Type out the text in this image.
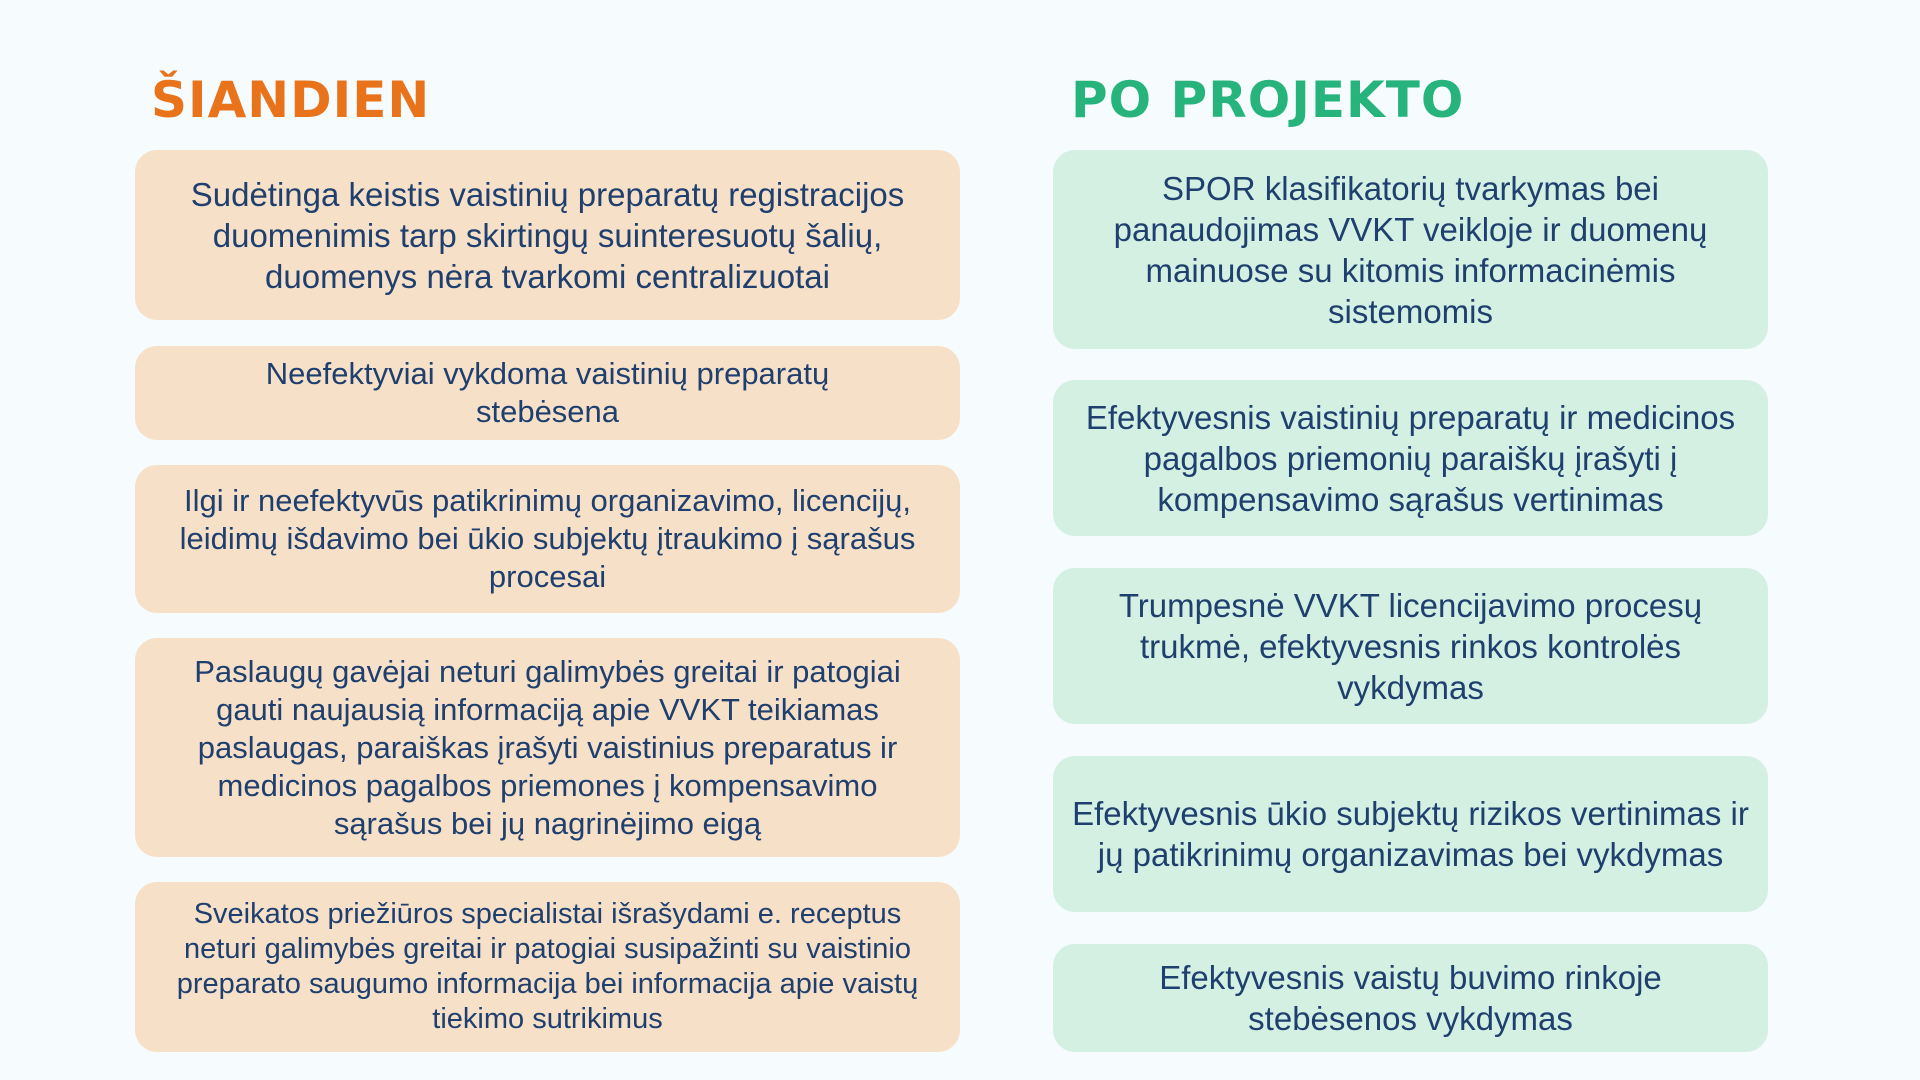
ŠIANDIEN	PO PROJEKTO
Sudėtinga keistis vaistinių preparatų registracijos duomenimis tarp skirtingų suinteresuotų šalių, duomenys nėra tvarkomi centralizuotai
Neefektyviai vykdoma vaistinių preparatų stebėsena
Ilgi ir neefektyvūs patikrinimų organizavimo, licencijų, leidimų išdavimo bei ūkio subjektų įtraukimo į sąrašus procesai
Paslaugų gavėjai neturi galimybės greitai ir patogiai gauti naujausią informaciją apie VVKT teikiamas paslaugas, paraiškas įrašyti vaistinius preparatus ir medicinos pagalbos priemones į kompensavimo sąrašus bei jų nagrinėjimo eigą
Sveikatos priežiūros specialistai išrašydami e. receptus neturi galimybės greitai ir patogiai susipažinti su vaistinio preparato saugumo informacija bei informacija apie vaistų tiekimo sutrikimus
SPOR klasifikatorių tvarkymas bei panaudojimas VVKT veikloje ir duomenų mainuose su kitomis informacinėmis sistemomis
Efektyvesnis vaistinių preparatų ir medicinos pagalbos priemonių paraiškų įrašyti į kompensavimo sąrašus vertinimas
Trumpesnė VVKT licencijavimo procesų trukmė, efektyvesnis rinkos kontrolės vykdymas
Efektyvesnis ūkio subjektų rizikos vertinimas ir jų patikrinimų organizavimas bei vykdymas
Efektyvesnis vaistų buvimo rinkoje stebėsenos vykdymas
